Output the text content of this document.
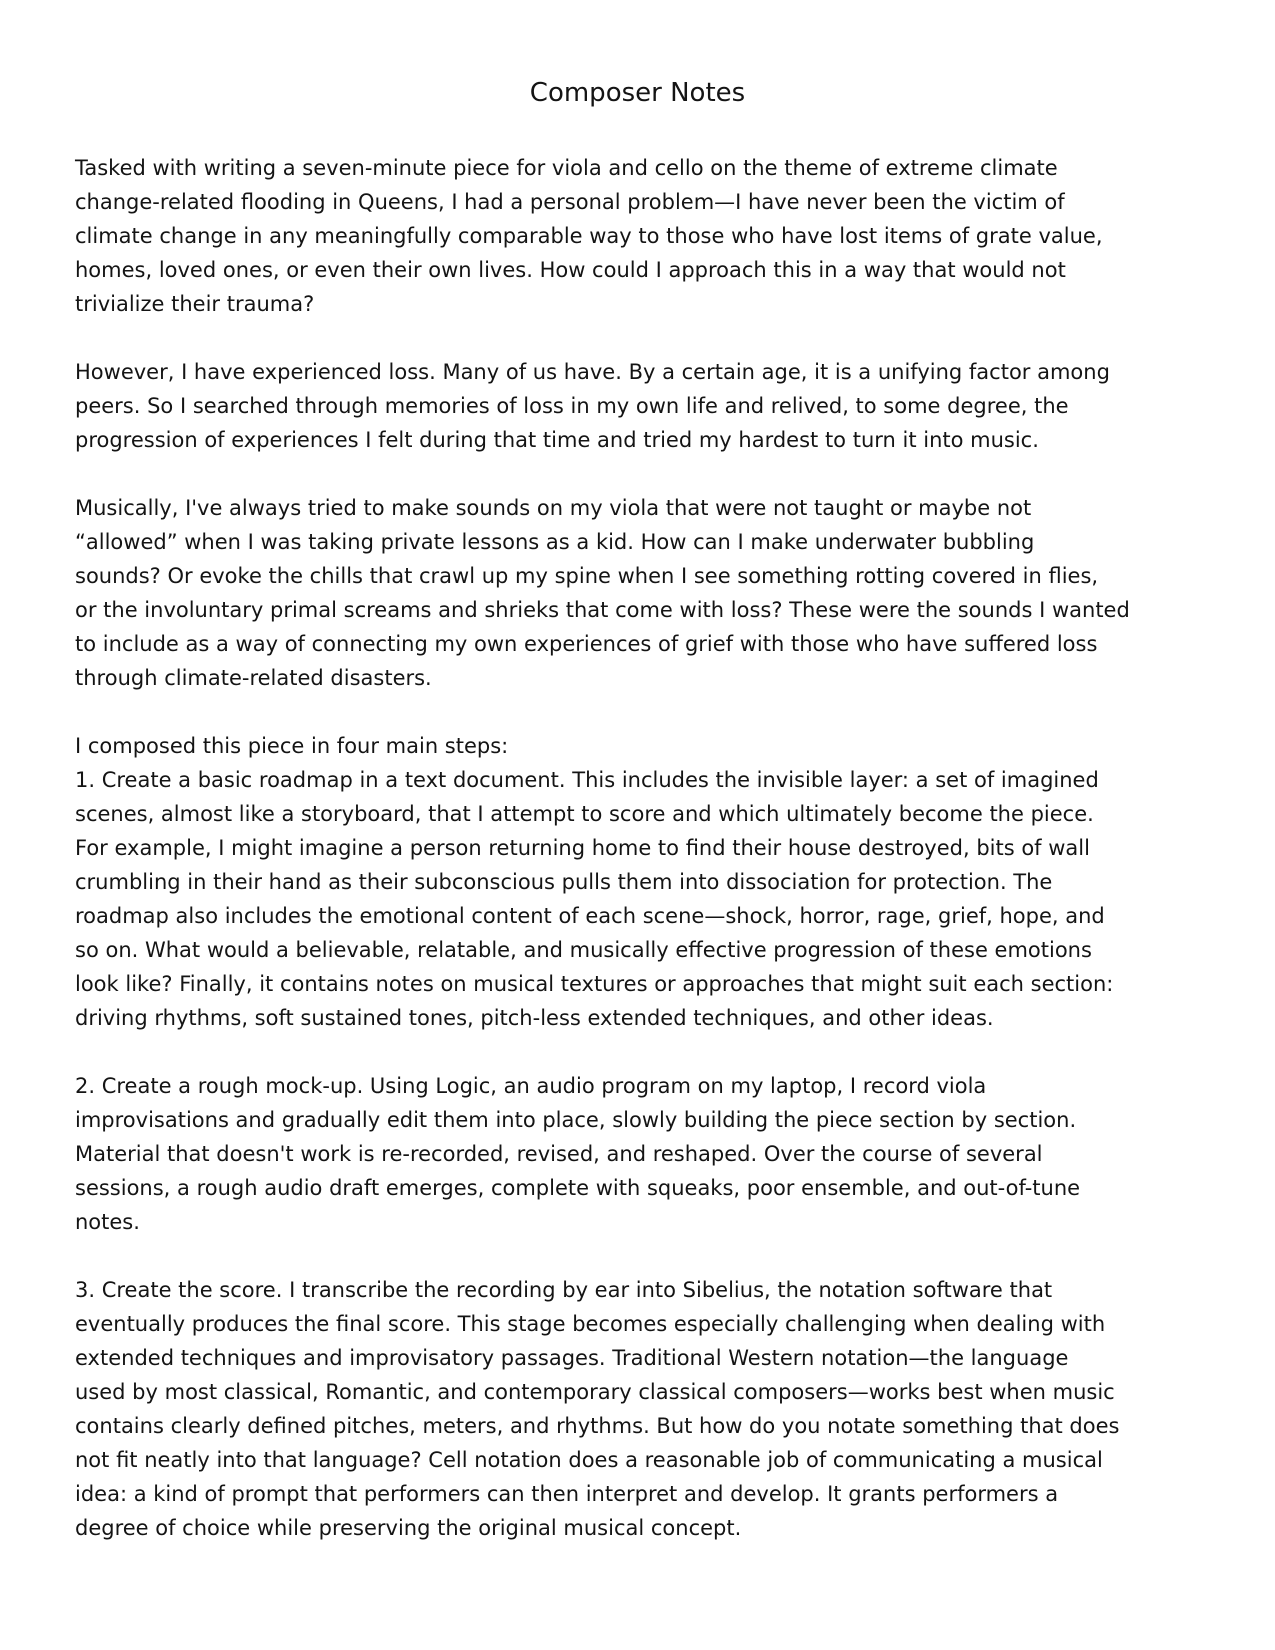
Composer Notes

Tasked with writing a seven-minute piece for viola and cello on the theme of extreme climate
change-related flooding in Queens, I had a personal problem—I have never been the victim of
climate change in any meaningfully comparable way to those who have lost items of grate value,
homes, loved ones, or even their own lives. How could I approach this in a way that would not
trivialize their trauma?

However, I have experienced loss. Many of us have. By a certain age, it is a unifying factor among
peers. So I searched through memories of loss in my own life and relived, to some degree, the
progression of experiences I felt during that time and tried my hardest to turn it into music.

Musically, I've always tried to make sounds on my viola that were not taught or maybe not
“allowed” when I was taking private lessons as a kid. How can I make underwater bubbling
sounds? Or evoke the chills that crawl up my spine when I see something rotting covered in flies,
or the involuntary primal screams and shrieks that come with loss? These were the sounds I wanted
to include as a way of connecting my own experiences of grief with those who have suffered loss
through climate-related disasters.

I composed this piece in four main steps:
1. Create a basic roadmap in a text document. This includes the invisible layer: a set of imagined
scenes, almost like a storyboard, that I attempt to score and which ultimately become the piece.
For example, I might imagine a person returning home to find their house destroyed, bits of wall
crumbling in their hand as their subconscious pulls them into dissociation for protection. The
roadmap also includes the emotional content of each scene—shock, horror, rage, grief, hope, and
so on. What would a believable, relatable, and musically effective progression of these emotions
look like? Finally, it contains notes on musical textures or approaches that might suit each section:
driving rhythms, soft sustained tones, pitch-less extended techniques, and other ideas.

2. Create a rough mock-up. Using Logic, an audio program on my laptop, I record viola
improvisations and gradually edit them into place, slowly building the piece section by section.
Material that doesn't work is re-recorded, revised, and reshaped. Over the course of several
sessions, a rough audio draft emerges, complete with squeaks, poor ensemble, and out-of-tune
notes.

3. Create the score. I transcribe the recording by ear into Sibelius, the notation software that
eventually produces the final score. This stage becomes especially challenging when dealing with
extended techniques and improvisatory passages. Traditional Western notation—the language
used by most classical, Romantic, and contemporary classical composers—works best when music
contains clearly defined pitches, meters, and rhythms. But how do you notate something that does
not fit neatly into that language? Cell notation does a reasonable job of communicating a musical
idea: a kind of prompt that performers can then interpret and develop. It grants performers a
degree of choice while preserving the original musical concept.
